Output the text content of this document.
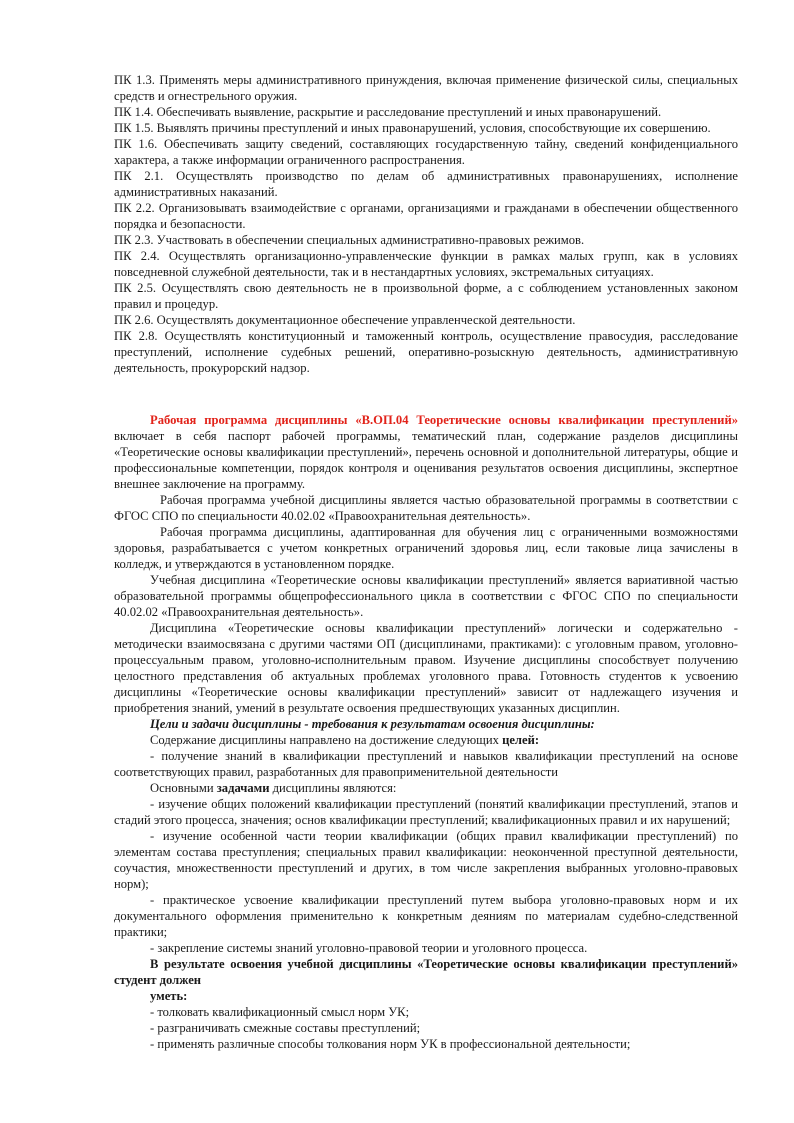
ПК 1.3. Применять меры административного принуждения, включая применение физической силы, специальных средств и огнестрельного оружия.

ПК 1.4. Обеспечивать выявление, раскрытие и расследование преступлений и иных правонарушений.

ПК 1.5. Выявлять причины преступлений и иных правонарушений, условия, способствующие их совершению.

ПК 1.6. Обеспечивать защиту сведений, составляющих государственную тайну, сведений конфиденциального характера, а также информации ограниченного распространения.

ПК 2.1. Осуществлять производство по делам об административных правонарушениях, исполнение административных наказаний.

ПК 2.2. Организовывать взаимодействие с органами, организациями и гражданами в обеспечении общественного порядка и безопасности.

ПК 2.3. Участвовать в обеспечении специальных административно-правовых режимов.

ПК 2.4. Осуществлять организационно-управленческие функции в рамках малых групп, как в условиях повседневной служебной деятельности, так и в нестандартных условиях, экстремальных ситуациях.

ПК 2.5. Осуществлять свою деятельность не в произвольной форме, а с соблюдением установленных законом правил и процедур.

ПК 2.6. Осуществлять документационное обеспечение управленческой деятельности.

ПК 2.8. Осуществлять конституционный и таможенный контроль, осуществление правосудия, расследование преступлений, исполнение судебных решений, оперативно-розыскную деятельность, административную деятельность, прокурорский надзор.

Рабочая программа дисциплины «В.ОП.04 Теоретические основы квалификации преступлений» включает в себя паспорт рабочей программы, тематический план, содержание разделов дисциплины «Теоретические основы квалификации преступлений», перечень основной и дополнительной литературы, общие и профессиональные компетенции, порядок контроля и оценивания результатов освоения дисциплины, экспертное внешнее заключение на программу.

Рабочая программа учебной дисциплины является частью образовательной программы в соответствии с ФГОС СПО по специальности 40.02.02 «Правоохранительная деятельность».

Рабочая программа дисциплины, адаптированная для обучения лиц с ограниченными возможностями здоровья, разрабатывается с учетом конкретных ограничений здоровья лиц, если таковые лица зачислены в колледж, и утверждаются в установленном порядке.

Учебная дисциплина «Теоретические основы квалификации преступлений» является вариативной частью образовательной программы общепрофессионального цикла в соответствии с ФГОС СПО по специальности 40.02.02 «Правоохранительная деятельность».

Дисциплина «Теоретические основы квалификации преступлений» логически и содержательно - методически взаимосвязана с другими частями ОП (дисциплинами, практиками): с уголовным правом, уголовно-процессуальным правом, уголовно-исполнительным правом. Изучение дисциплины способствует получению целостного представления об актуальных проблемах уголовного права. Готовность студентов к усвоению дисциплины «Теоретические основы квалификации преступлений» зависит от надлежащего изучения и приобретения знаний, умений в результате освоения предшествующих указанных дисциплин.

Цели и задачи дисциплины - требования к результатам освоения дисциплины:

Содержание дисциплины направлено на достижение следующих целей:

- получение знаний в квалификации преступлений и навыков квалификации преступлений на основе соответствующих правил, разработанных для правоприменительной деятельности

Основными задачами дисциплины являются:

- изучение общих положений квалификации преступлений (понятий квалификации преступлений, этапов и стадий этого процесса, значения; основ квалификации преступлений; квалификационных правил и их нарушений;

- изучение особенной части теории квалификации (общих правил квалификации преступлений) по элементам состава преступления; специальных правил квалификации: неоконченной преступной деятельности, соучастия, множественности преступлений и других, в том числе закрепления выбранных уголовно-правовых норм);

- практическое усвоение квалификации преступлений путем выбора уголовно-правовых норм и их документального оформления применительно к конкретным деяниям по материалам судебно-следственной практики;

- закрепление системы знаний уголовно-правовой теории и уголовного процесса.

В результате освоения учебной дисциплины «Теоретические основы квалификации преступлений» студент должен

уметь:

- толковать квалификационный смысл норм УК;

- разграничивать смежные составы преступлений;

- применять различные способы толкования норм УК в профессиональной деятельности;
